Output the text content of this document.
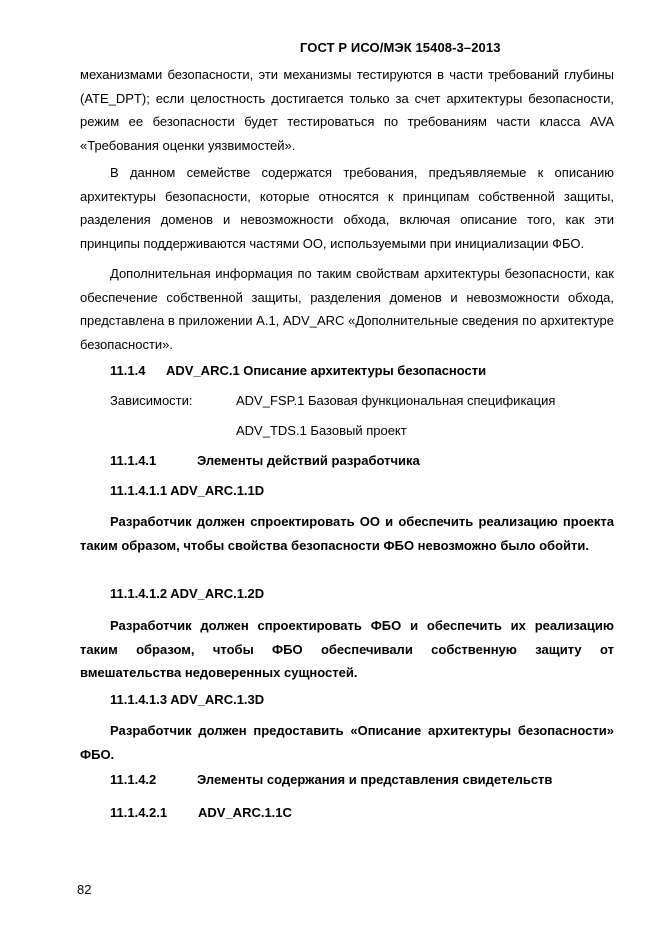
ГОСТ Р ИСО/МЭК 15408-3–2013
механизмами безопасности, эти механизмы тестируются в части требований глубины (ATE_DPT); если целостность достигается только за счет архитектуры безопасности, режим ее безопасности будет тестироваться по требованиям части класса AVA «Требования оценки уязвимостей».
В данном семействе содержатся требования, предъявляемые к описанию архитектуры безопасности, которые относятся к принципам собственной защиты, разделения доменов и невозможности обхода, включая описание того, как эти принципы поддерживаются частями ОО, используемыми при инициализации ФБО.
Дополнительная информация по таким свойствам архитектуры безопасности, как обеспечение собственной защиты, разделения доменов и невозможности обхода, представлена в приложении А.1, ADV_ARC «Дополнительные сведения по архитектуре безопасности».
11.1.4 ADV_ARC.1 Описание архитектуры безопасности
Зависимости:	ADV_FSP.1 Базовая функциональная спецификация
ADV_TDS.1 Базовый проект
11.1.4.1	Элементы действий разработчика
11.1.4.1.1 ADV_ARC.1.1D
Разработчик должен спроектировать ОО и обеспечить реализацию проекта таким образом, чтобы свойства безопасности ФБО невозможно было обойти.
11.1.4.1.2 ADV_ARC.1.2D
Разработчик должен спроектировать ФБО и обеспечить их реализацию таким образом, чтобы ФБО обеспечивали собственную защиту от вмешательства недоверенных сущностей.
11.1.4.1.3 ADV_ARC.1.3D
Разработчик должен предоставить «Описание архитектуры безопасности» ФБО.
11.1.4.2	Элементы содержания и представления свидетельств
11.1.4.2.1 ADV_ARC.1.1C
82
